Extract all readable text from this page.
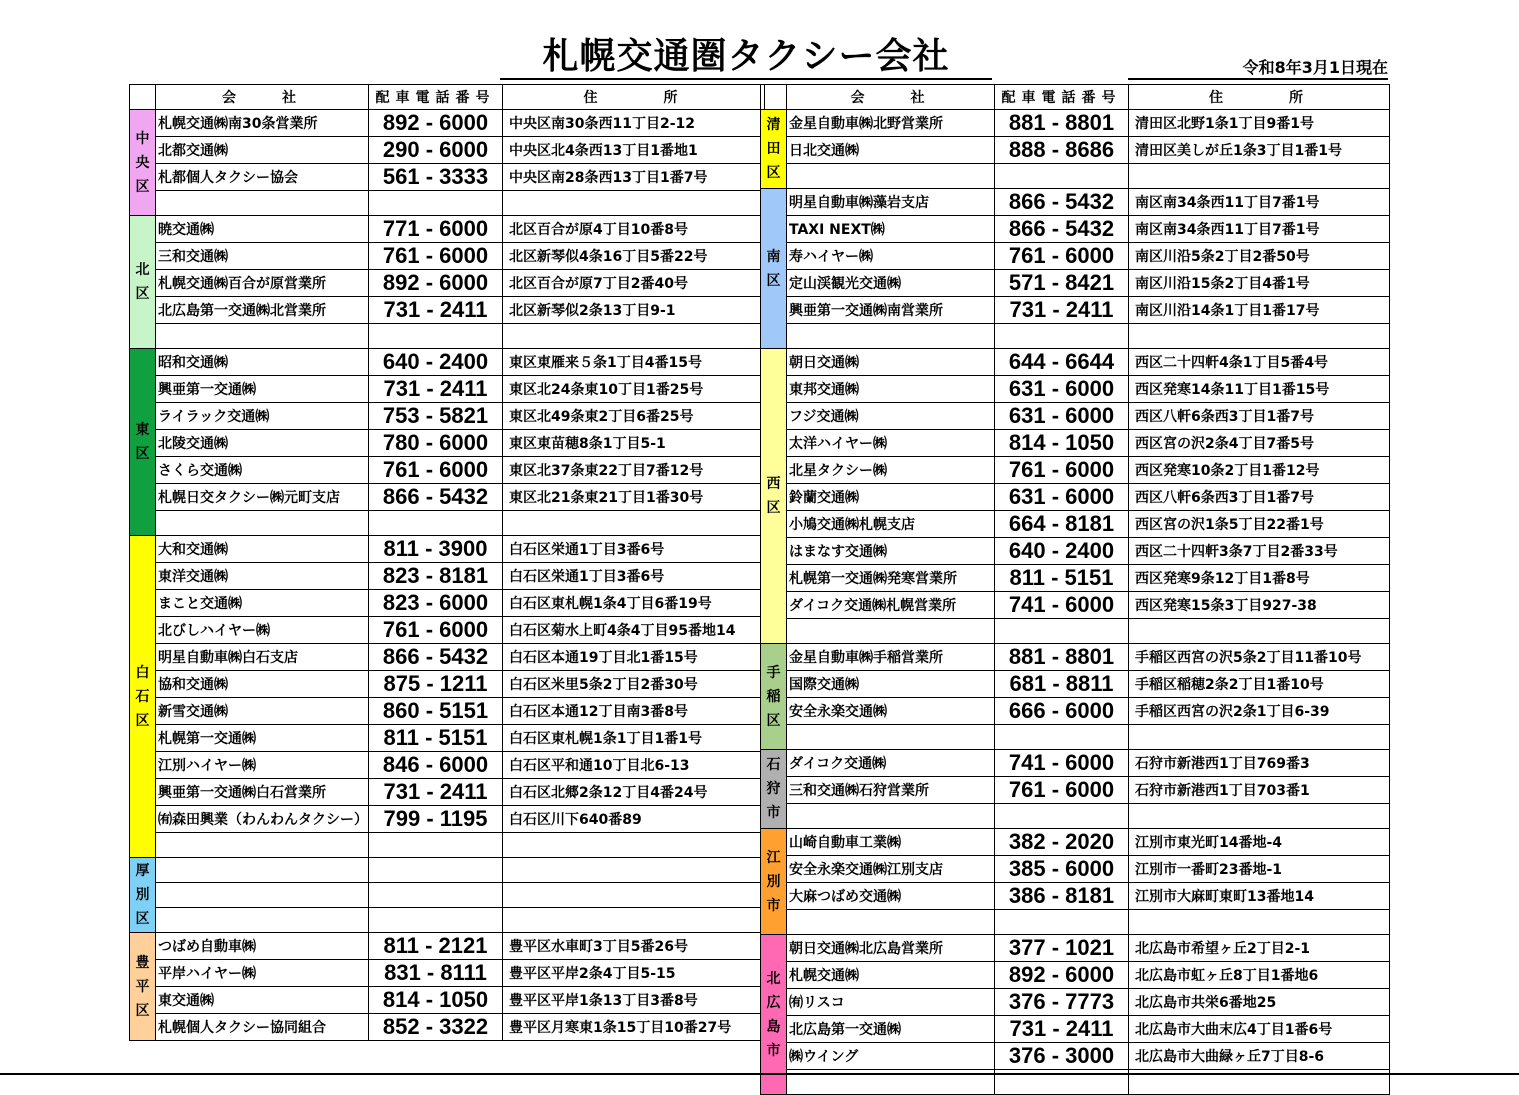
札幌交通圏タクシー会社	令和8年3月1日現在
	会　　社	配車電話番号	住　　　所

中
央
区	札幌交通㈱南30条営業所	892 - 6000	中央区南30条西11丁目2-12
	北都交通㈱	290 - 6000	中央区北4条西13丁目1番地1
	札都個人タクシー協会	561 - 3333	中央区南28条西13丁目1番7号

北
区	暁交通㈱	771 - 6000	北区百合が原4丁目10番8号
	三和交通㈱	761 - 6000	北区新琴似4条16丁目5番22号
	札幌交通㈱百合が原営業所	892 - 6000	北区百合が原7丁目2番40号
	北広島第一交通㈱北営業所	731 - 2411	北区新琴似2条13丁目9-1

東
区	昭和交通㈱	640 - 2400	東区東雁来５条1丁目4番15号
	興亜第一交通㈱	731 - 2411	東区北24条東10丁目1番25号
	ライラック交通㈱	753 - 5821	東区北49条東2丁目6番25号
	北陵交通㈱	780 - 6000	東区東苗穂8条1丁目5-1
	さくら交通㈱	761 - 6000	東区北37条東22丁目7番12号
	札幌日交タクシー㈱元町支店	866 - 5432	東区北21条東21丁目1番30号

白
石
区	大和交通㈱	811 - 3900	白石区栄通1丁目3番6号
	東洋交通㈱	823 - 8181	白石区栄通1丁目3番6号
	まこと交通㈱	823 - 6000	白石区東札幌1条4丁目6番19号
	北びしハイヤー㈱	761 - 6000	白石区菊水上町4条4丁目95番地14
	明星自動車㈱白石支店	866 - 5432	白石区本通19丁目北1番15号
	協和交通㈱	875 - 1211	白石区米里5条2丁目2番30号
	新雪交通㈱	860 - 5151	白石区本通12丁目南3番8号
	札幌第一交通㈱	811 - 5151	白石区東札幌1条1丁目1番1号
	江別ハイヤー㈱	846 - 6000	白石区平和通10丁目北6-13
	興亜第一交通㈱白石営業所	731 - 2411	白石区北郷2条12丁目4番24号
	㈲森田興業（わんわんタクシー）	799 - 1195	白石区川下640番89

厚
別
区			

豊
平
区	つばめ自動車㈱	811 - 2121	豊平区水車町3丁目5番26号
	平岸ハイヤー㈱	831 - 8111	豊平区平岸2条4丁目5-15
	東交通㈱	814 - 1050	豊平区平岸1条13丁目3番8号
	札幌個人タクシー協同組合	852 - 3322	豊平区月寒東1条15丁目10番27号
	会　　社	配車電話番号	住　　　所

清
田
区	金星自動車㈱北野営業所	881 - 8801	清田区北野1条1丁目9番1号
	日北交通㈱	888 - 8686	清田区美しが丘1条3丁目1番1号

南
区	明星自動車㈱藻岩支店	866 - 5432	南区南34条西11丁目7番1号
	TAXI NEXT㈱	866 - 5432	南区南34条西11丁目7番1号
	寿ハイヤー㈱	761 - 6000	南区川沿5条2丁目2番50号
	定山渓観光交通㈱	571 - 8421	南区川沿15条2丁目4番1号
	興亜第一交通㈱南営業所	731 - 2411	南区川沿14条1丁目1番17号

西
区	朝日交通㈱	644 - 6644	西区二十四軒4条1丁目5番4号
	東邦交通㈱	631 - 6000	西区発寒14条11丁目1番15号
	フジ交通㈱	631 - 6000	西区八軒6条西3丁目1番7号
	太洋ハイヤー㈱	814 - 1050	西区宮の沢2条4丁目7番5号
	北星タクシー㈱	761 - 6000	西区発寒10条2丁目1番12号
	鈴蘭交通㈱	631 - 6000	西区八軒6条西3丁目1番7号
	小鳩交通㈱札幌支店	664 - 8181	西区宮の沢1条5丁目22番1号
	はまなす交通㈱	640 - 2400	西区二十四軒3条7丁目2番33号
	札幌第一交通㈱発寒営業所	811 - 5151	西区発寒9条12丁目1番8号
	ダイコク交通㈱札幌営業所	741 - 6000	西区発寒15条3丁目927-38

手
稲
区	金星自動車㈱手稲営業所	881 - 8801	手稲区西宮の沢5条2丁目11番10号
	国際交通㈱	681 - 8811	手稲区稲穂2条2丁目1番10号
	安全永楽交通㈱	666 - 6000	手稲区西宮の沢2条1丁目6-39

石
狩
市	ダイコク交通㈱	741 - 6000	石狩市新港西1丁目769番3
	三和交通㈱石狩営業所	761 - 6000	石狩市新港西1丁目703番1

江
別
市	山崎自動車工業㈱	382 - 2020	江別市東光町14番地-4
	安全永楽交通㈱江別支店	385 - 6000	江別市一番町23番地-1
	大麻つばめ交通㈱	386 - 8181	江別市大麻町東町13番地14

北
広
島
市	朝日交通㈱北広島営業所	377 - 1021	北広島市希望ヶ丘2丁目2-1
	札幌交通㈱	892 - 6000	北広島市虹ヶ丘8丁目1番地6
	㈲リスコ	376 - 7773	北広島市共栄6番地25
	北広島第一交通㈱	731 - 2411	北広島市大曲末広4丁目1番6号
	㈱ウイング	376 - 3000	北広島市大曲緑ヶ丘7丁目8-6
